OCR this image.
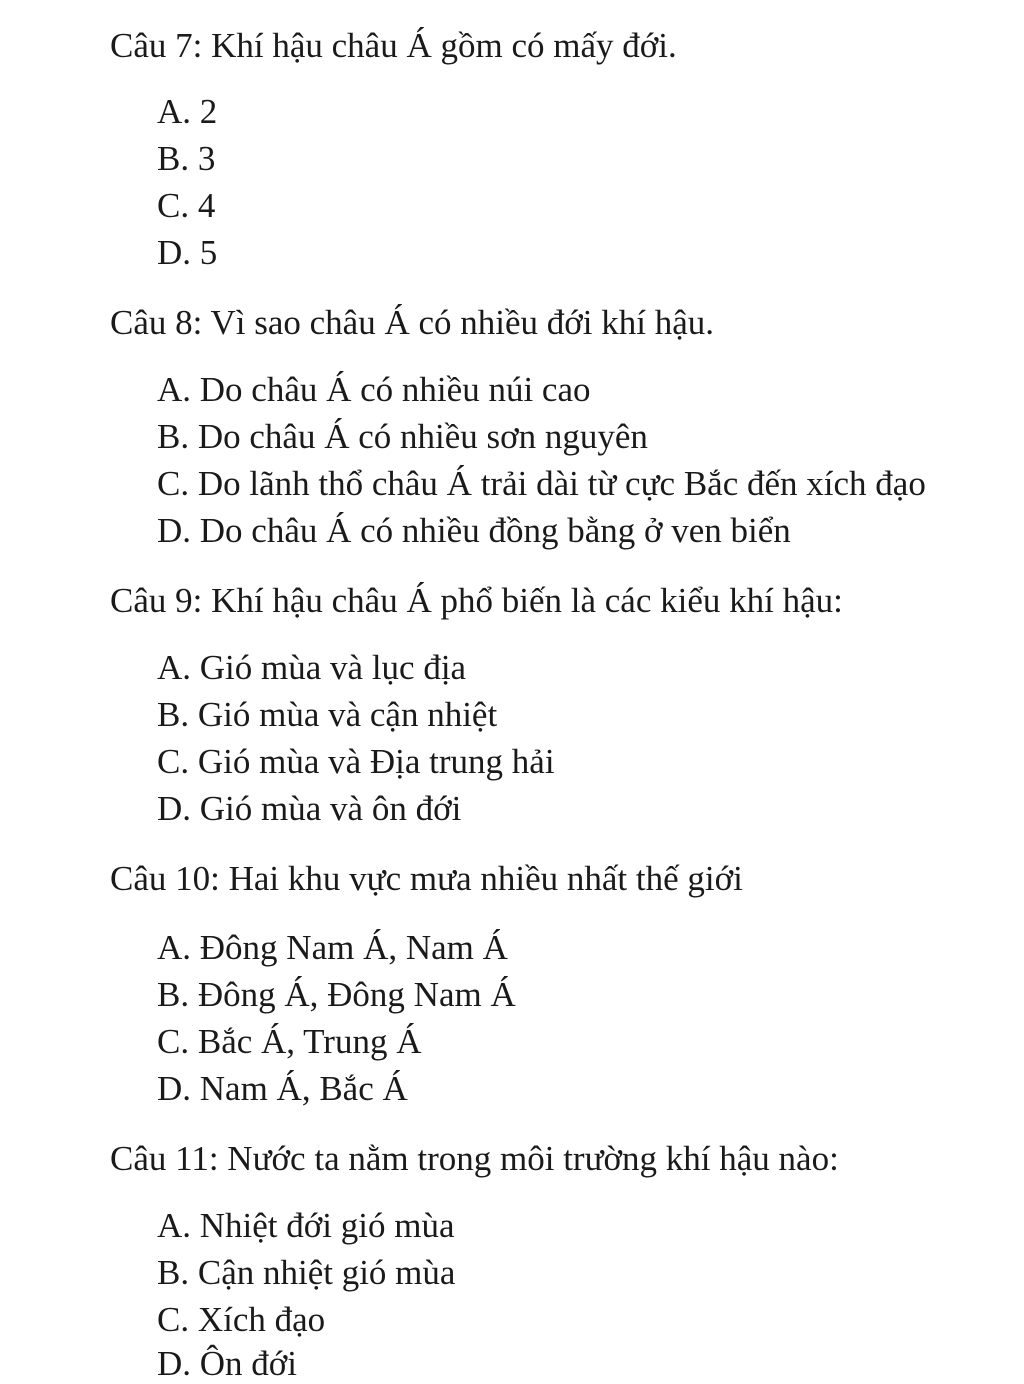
Câu 7: Khí hậu châu Á gồm có mấy đới.
A. 2
B. 3
C. 4
D. 5
Câu 8: Vì sao châu Á có nhiều đới khí hậu.
A. Do châu Á có nhiều núi cao
B. Do châu Á có nhiều sơn nguyên
C. Do lãnh thổ châu Á trải dài từ cực Bắc đến xích đạo
D. Do châu Á có nhiều đồng bằng ở ven biển
Câu 9: Khí hậu châu Á phổ biến là các kiểu khí hậu:
A. Gió mùa và lục địa
B. Gió mùa và cận nhiệt
C. Gió mùa và Địa trung hải
D. Gió mùa và ôn đới
Câu 10: Hai khu vực mưa nhiều nhất thế giới
A. Đông Nam Á, Nam Á
B. Đông Á, Đông Nam Á
C. Bắc Á, Trung Á
D. Nam Á, Bắc Á
Câu 11: Nước ta nằm trong môi trường khí hậu nào:
A. Nhiệt đới gió mùa
B. Cận nhiệt gió mùa
C. Xích đạo
D. Ôn đới
